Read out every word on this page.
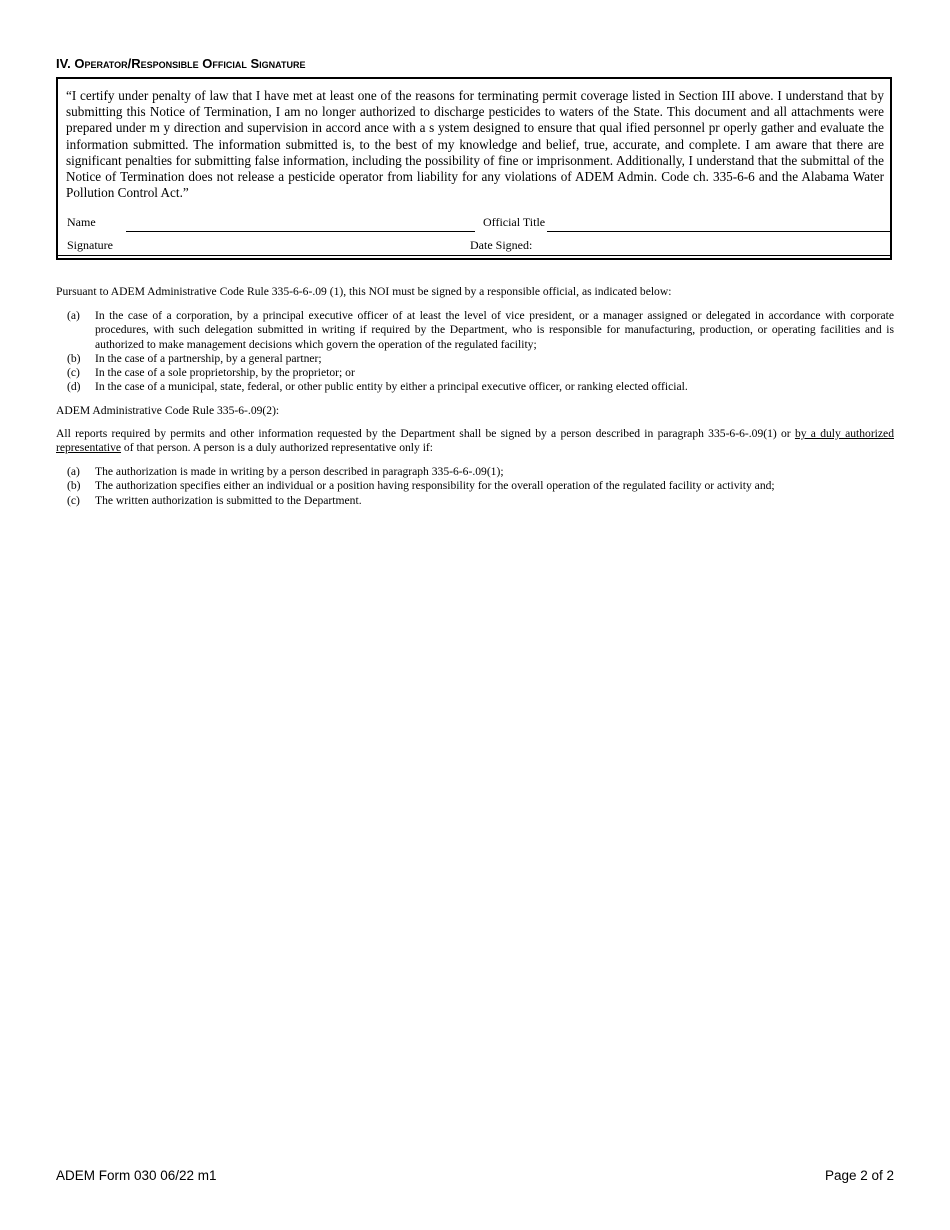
IV. Operator/Responsible Official Signature
“I certify under penalty of law that I have met at least one of the reasons for terminating permit coverage listed in Section III above. I understand that by submitting this Notice of Termination, I am no longer authorized to discharge pesticides to waters of the State. This document and all attachments were prepared under m y direction and supervision in accord ance with a s ystem designed to ensure that qual ified personnel pr operly gather and evaluate the information submitted. The information submitted is, to the best of my knowledge and belief, true, accurate, and complete. I am aware that there are significant penalties for submitting false information, including the possibility of fine or imprisonment. Additionally, I understand that the submittal of the Notice of Termination does not release a pesticide operator from liability for any violations of ADEM Admin. Code ch. 335-6-6 and the Alabama Water Pollution Control Act.”
Name	Official Title
Signature	Date Signed:
Pursuant to ADEM Administrative Code Rule 335-6-6-.09 (1), this NOI must be signed by a responsible official, as indicated below:
(a)	In the case of a corporation, by a principal executive officer of at least the level of vice president, or a manager assigned or delegated in accordance with corporate procedures, with such delegation submitted in writing if required by the Department, who is responsible for manufacturing, production, or operating facilities and is authorized to make management decisions which govern the operation of the regulated facility;
(b)	In the case of a partnership, by a general partner;
(c)	In the case of a sole proprietorship, by the proprietor; or
(d)	In the case of a municipal, state, federal, or other public entity by either a principal executive officer, or ranking elected official.
ADEM Administrative Code Rule 335-6-.09(2):
All reports required by permits and other information requested by the Department shall be signed by a person described in paragraph 335-6-6-.09(1) or by a duly authorized representative of that person. A person is a duly authorized representative only if:
(a)	The authorization is made in writing by a person described in paragraph 335-6-6-.09(1);
(b)	The authorization specifies either an individual or a position having responsibility for the overall operation of the regulated facility or activity and;
(c)	The written authorization is submitted to the Department.
ADEM Form 030 06/22 m1	Page 2 of 2
